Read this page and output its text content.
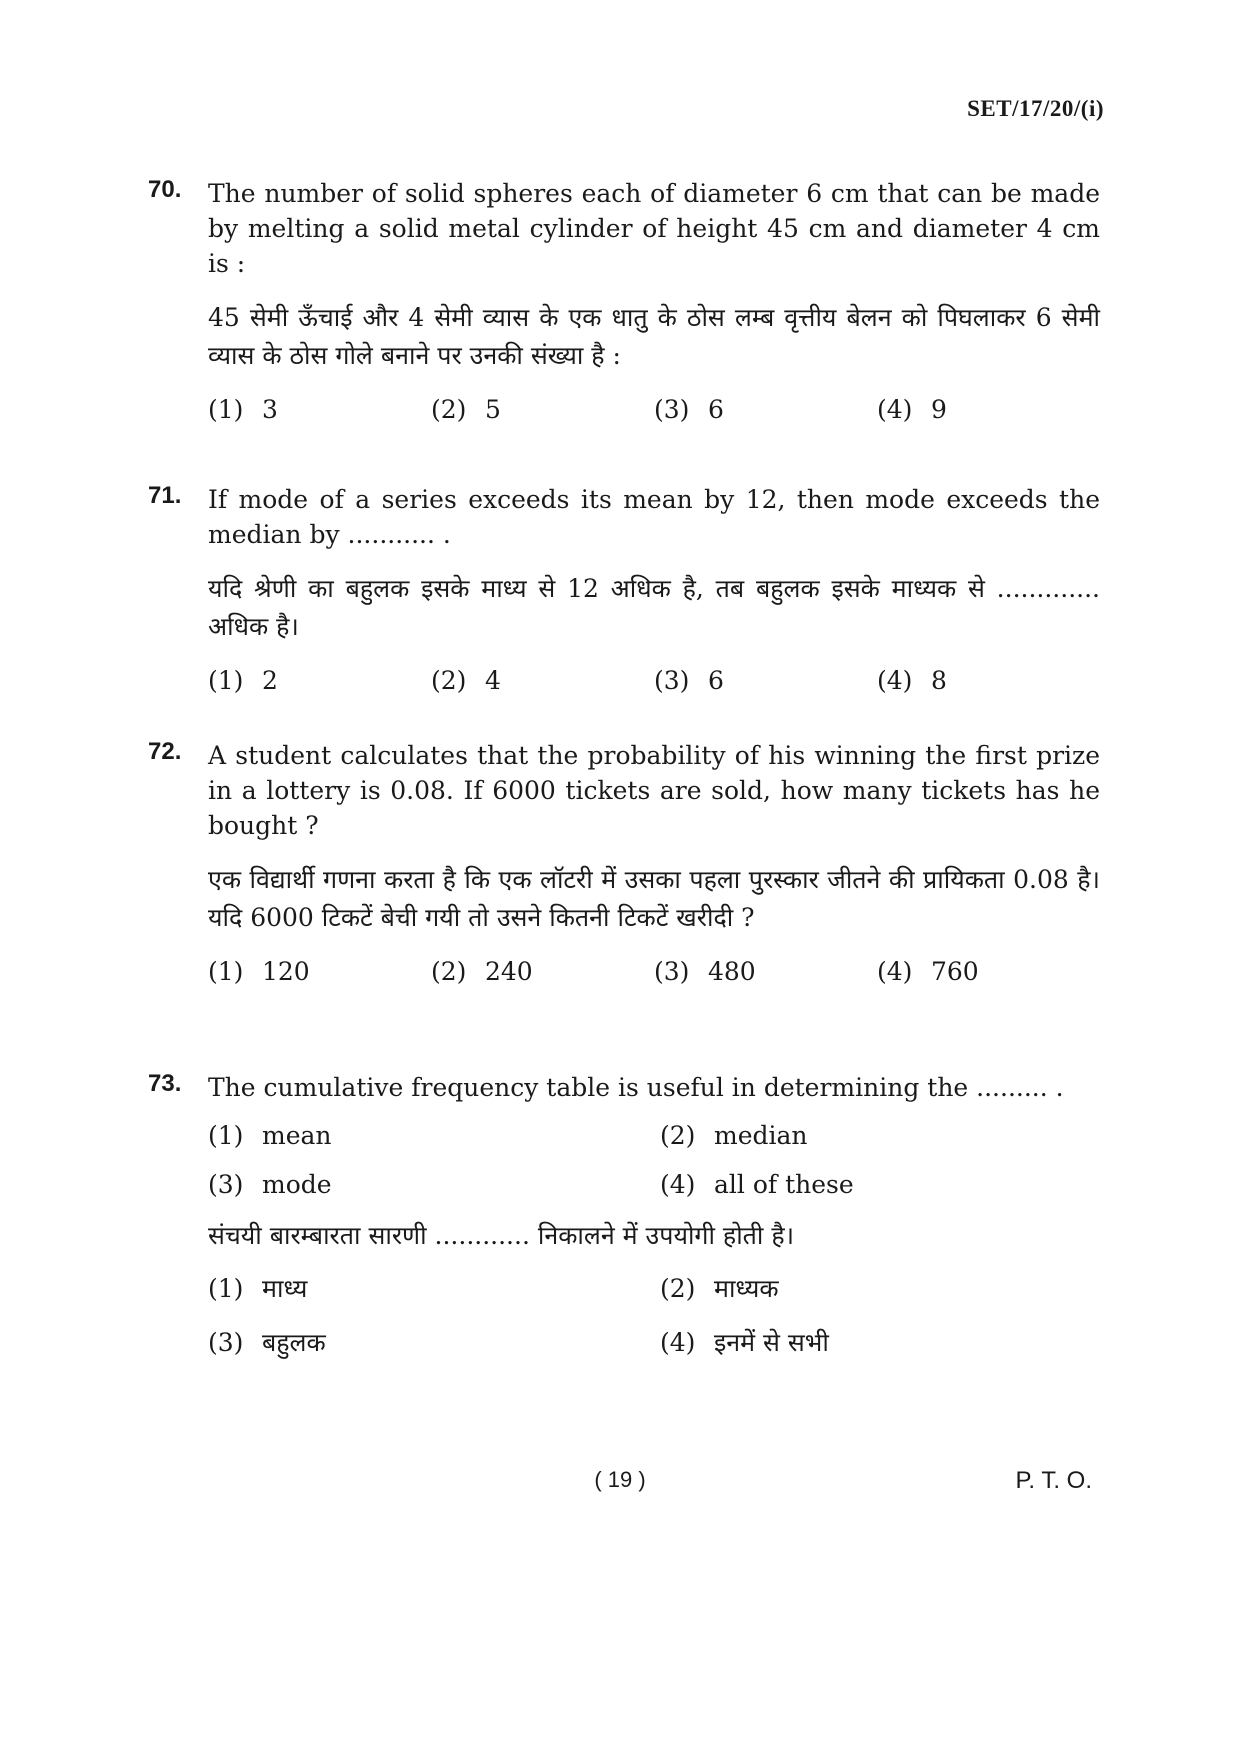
SET/17/20/(i)
70. The number of solid spheres each of diameter 6 cm that can be made by melting a solid metal cylinder of height 45 cm and diameter 4 cm is :

45 सेमी ऊँचाई और 4 सेमी व्यास के एक धातु के ठोस लम्ब वृत्तीय बेलन को पिघलाकर 6 सेमी व्यास के ठोस गोले बनाने पर उनकी संख्या है :

(1) 3	(2) 5	(3) 6	(4) 9
71. If mode of a series exceeds its mean by 12, then mode exceeds the median by ........... .

यदि श्रेणी का बहुलक इसके माध्य से 12 अधिक है, तब बहुलक इसके माध्यक से ............. अधिक है।

(1) 2	(2) 4	(3) 6	(4) 8
72. A student calculates that the probability of his winning the first prize in a lottery is 0.08. If 6000 tickets are sold, how many tickets has he bought ?

एक विद्यार्थी गणना करता है कि एक लॉटरी में उसका पहला पुरस्कार जीतने की प्रायिकता 0.08 है। यदि 6000 टिकटें बेची गयी तो उसने कितनी टिकटें खरीदी ?

(1) 120	(2) 240	(3) 480	(4) 760
73. The cumulative frequency table is useful in determining the ......... .

(1) mean	(2) median
(3) mode	(4) all of these

संचयी बारम्बारता सारणी ............ निकालने में उपयोगी होती है।

(1) माध्य	(2) माध्यक
(3) बहुलक	(4) इनमें से सभी
( 19 )	P. T. O.
